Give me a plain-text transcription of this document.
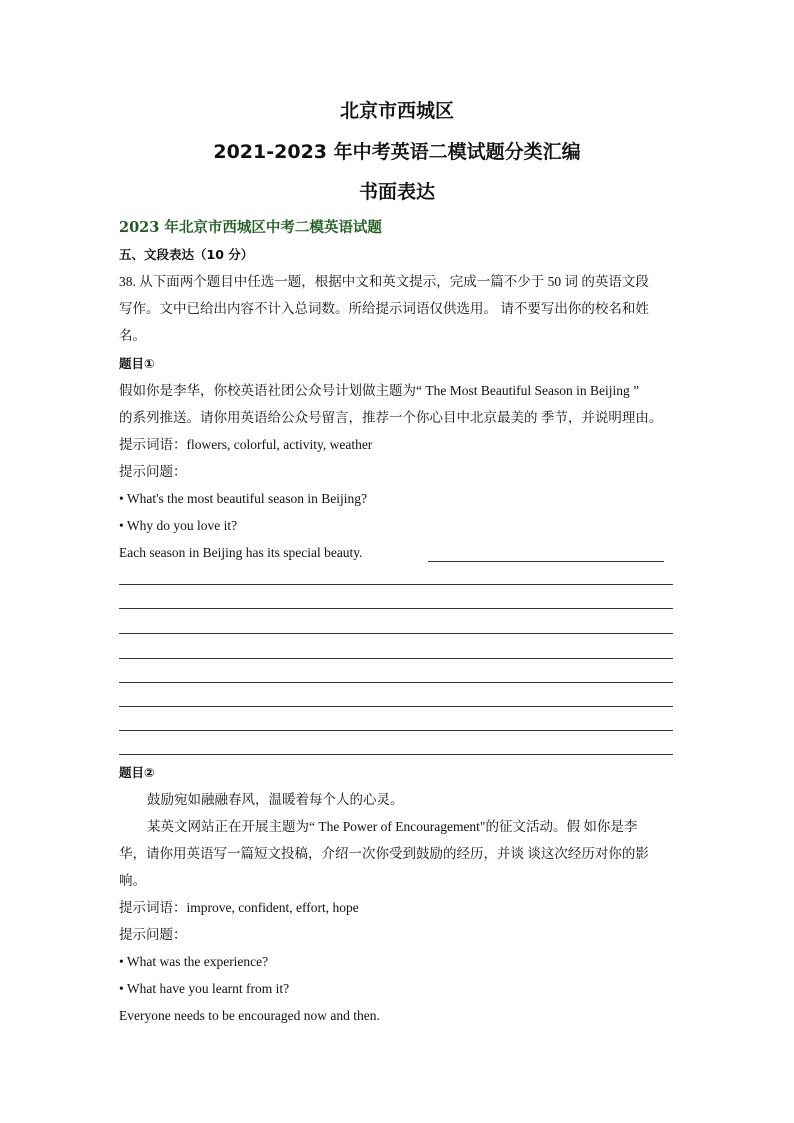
北京市西城区
2021-2023 年中考英语二模试题分类汇编
书面表达
2023 年北京市西城区中考二模英语试题
五、文段表达（10 分）
38. 从下面两个题目中任选一题，根据中文和英文提示，完成一篇不少于 50 词 的英语文段
写作。文中已给出内容不计入总词数。所给提示词语仅供选用。 请不要写出你的校名和姓
名。
题目①
假如你是李华，你校英语社团公众号计划做主题为“ The Most Beautiful Season in Beijing ”
的系列推送。请你用英语给公众号留言，推荐一个你心目中北京最美的 季节，并说明理由。
提示词语：flowers, colorful, activity, weather
提示问题：
• What's the most beautiful season in Beijing?
• Why do you love it?
Each season in Beijing has its special beauty.
题目②
鼓励宛如融融春风，温暖着每个人的心灵。
某英文网站正在开展主题为“ The Power of Encouragement"的征文活动。假 如你是李
华，请你用英语写一篇短文投稿，介绍一次你受到鼓励的经历，并谈 谈这次经历对你的影
响。
提示词语：improve, confident, effort, hope
提示问题：
• What was the experience?
• What have you learnt from it?
Everyone needs to be encouraged now and then.
